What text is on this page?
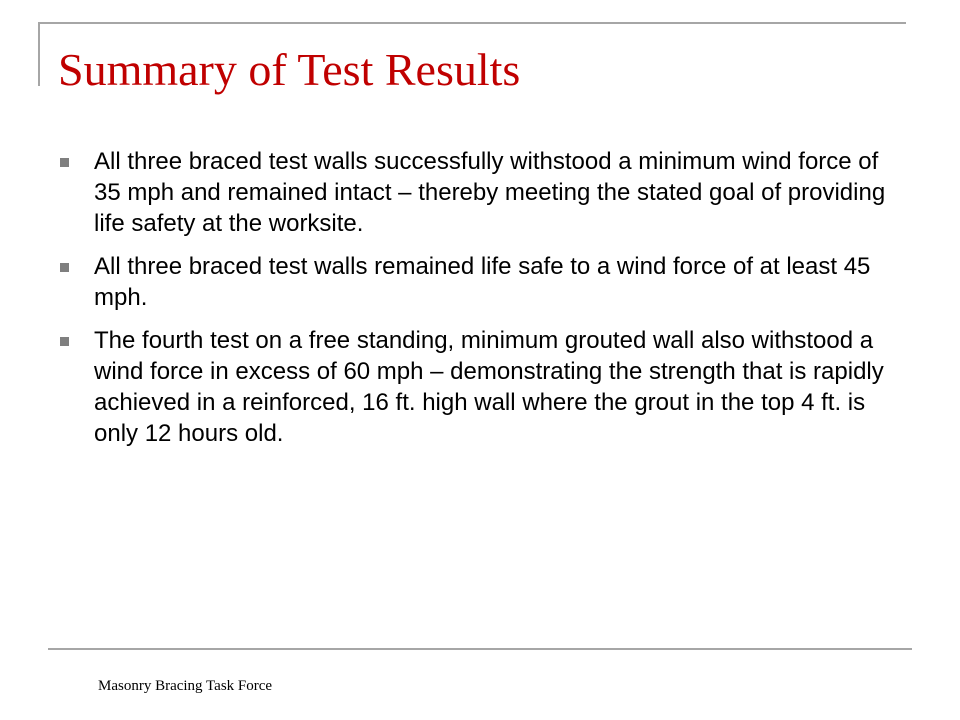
Summary of Test Results
All three braced test walls successfully withstood a minimum wind force of 35 mph and remained intact – thereby meeting the stated goal of providing life safety at the worksite.
All three braced test walls remained life safe to a wind force of at least 45 mph.
The fourth test on a free standing, minimum grouted wall also withstood a wind force in excess of 60 mph – demonstrating the strength that is rapidly achieved in a reinforced, 16 ft. high wall where the grout in the top 4 ft. is only 12 hours old.
Masonry Bracing Task Force
